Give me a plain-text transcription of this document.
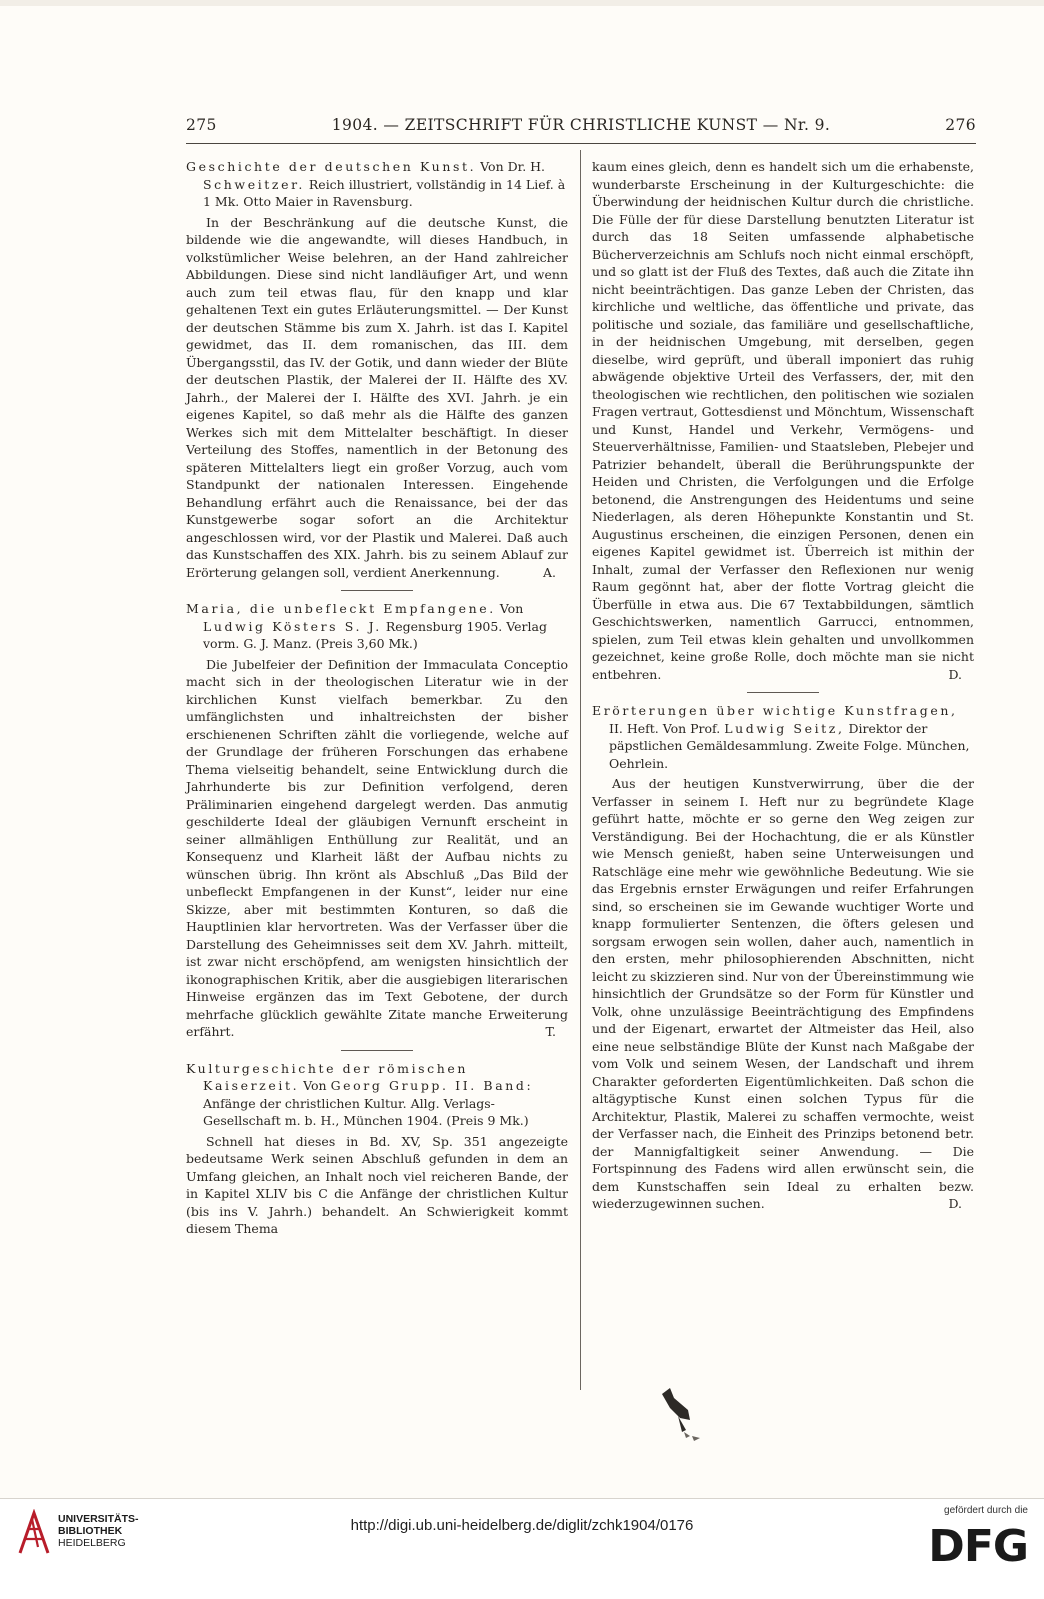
275	1904. — ZEITSCHRIFT FÜR CHRISTLICHE KUNST — Nr. 9.	276

Geschichte der deutschen Kunst. Von Dr. H. Schweitzer. Reich illustriert, vollständig in 14 Lief. à 1 Mk. Otto Maier in Ravensburg.

In der Beschränkung auf die deutsche Kunst, die bildende wie die angewandte, will dieses Handbuch, in volkstümlicher Weise belehren, an der Hand zahlreicher Abbildungen. Diese sind nicht landläufiger Art, und wenn auch zum teil etwas flau, für den knapp und klar gehaltenen Text ein gutes Erläuterungsmittel. — Der Kunst der deutschen Stämme bis zum X. Jahrh. ist das I. Kapitel gewidmet, das II. dem romanischen, das III. dem Übergangsstil, das IV. der Gotik, und dann wieder der Blüte der deutschen Plastik, der Malerei der II. Hälfte des XV. Jahrh., der Malerei der I. Hälfte des XVI. Jahrh. je ein eigenes Kapitel, so daß mehr als die Hälfte des ganzen Werkes sich mit dem Mittelalter beschäftigt. In dieser Verteilung des Stoffes, namentlich in der Betonung des späteren Mittelalters liegt ein großer Vorzug, auch vom Standpunkt der nationalen Interessen. Eingehende Behandlung erfährt auch die Renaissance, bei der das Kunstgewerbe sogar sofort an die Architektur angeschlossen wird, vor der Plastik und Malerei. Daß auch das Kunstschaffen des XIX. Jahrh. bis zu seinem Ablauf zur Erörterung gelangen soll, verdient Anerkennung.	A.

Maria, die unbefleckt Empfangene. Von Ludwig Kösters S. J. Regensburg 1905. Verlag vorm. G. J. Manz. (Preis 3,60 Mk.)

Die Jubelfeier der Definition der Immaculata Conceptio macht sich in der theologischen Literatur wie in der kirchlichen Kunst vielfach bemerkbar. Zu den umfänglichsten und inhaltreichsten der bisher erschienenen Schriften zählt die vorliegende, welche auf der Grundlage der früheren Forschungen das erhabene Thema vielseitig behandelt, seine Entwicklung durch die Jahrhunderte bis zur Definition verfolgend, deren Präliminarien eingehend dargelegt werden. Das anmutig geschilderte Ideal der gläubigen Vernunft erscheint in seiner allmähligen Enthüllung zur Realität, und an Konsequenz und Klarheit läßt der Aufbau nichts zu wünschen übrig. Ihn krönt als Abschluß „Das Bild der unbefleckt Empfangenen in der Kunst“, leider nur eine Skizze, aber mit bestimmten Konturen, so daß die Hauptlinien klar hervortreten. Was der Verfasser über die Darstellung des Geheimnisses seit dem XV. Jahrh. mitteilt, ist zwar nicht erschöpfend, am wenigsten hinsichtlich der ikonographischen Kritik, aber die ausgiebigen literarischen Hinweise ergänzen das im Text Gebotene, der durch mehrfache glücklich gewählte Zitate manche Erweiterung erfährt.	T.

Kulturgeschichte der römischen Kaiserzeit. Von Georg Grupp. II. Band: Anfänge der christlichen Kultur. Allg. Verlags-Gesellschaft m. b. H., München 1904. (Preis 9 Mk.)

Schnell hat dieses in Bd. XV, Sp. 351 angezeigte bedeutsame Werk seinen Abschluß gefunden in dem an Umfang gleichen, an Inhalt noch viel reicheren Bande, der in Kapitel XLIV bis C die Anfänge der christlichen Kultur (bis ins V. Jahrh.) behandelt. An Schwierigkeit kommt diesem Thema

kaum eines gleich, denn es handelt sich um die erhabenste, wunderbarste Erscheinung in der Kulturgeschichte: die Überwindung der heidnischen Kultur durch die christliche. Die Fülle der für diese Darstellung benutzten Literatur ist durch das 18 Seiten umfassende alphabetische Bücherverzeichnis am Schlufs noch nicht einmal erschöpft, und so glatt ist der Fluß des Textes, daß auch die Zitate ihn nicht beeinträchtigen. Das ganze Leben der Christen, das kirchliche und weltliche, das öffentliche und private, das politische und soziale, das familiäre und gesellschaftliche, in der heidnischen Umgebung, mit derselben, gegen dieselbe, wird geprüft, und überall imponiert das ruhig abwägende objektive Urteil des Verfassers, der, mit den theologischen wie rechtlichen, den politischen wie sozialen Fragen vertraut, Gottesdienst und Mönchtum, Wissenschaft und Kunst, Handel und Verkehr, Vermögens- und Steuerverhältnisse, Familien- und Staatsleben, Plebejer und Patrizier behandelt, überall die Berührungspunkte der Heiden und Christen, die Verfolgungen und die Erfolge betonend, die Anstrengungen des Heidentums und seine Niederlagen, als deren Höhepunkte Konstantin und St. Augustinus erscheinen, die einzigen Personen, denen ein eigenes Kapitel gewidmet ist. Überreich ist mithin der Inhalt, zumal der Verfasser den Reflexionen nur wenig Raum gegönnt hat, aber der flotte Vortrag gleicht die Überfülle in etwa aus. Die 67 Textabbildungen, sämtlich Geschichtswerken, namentlich Garrucci, entnommen, spielen, zum Teil etwas klein gehalten und unvollkommen gezeichnet, keine große Rolle, doch möchte man sie nicht entbehren.	D.

Erörterungen über wichtige Kunstfragen, II. Heft. Von Prof. Ludwig Seitz, Direktor der päpstlichen Gemäldesammlung. Zweite Folge. München, Oehrlein.

Aus der heutigen Kunstverwirrung, über die der Verfasser in seinem I. Heft nur zu begründete Klage geführt hatte, möchte er so gerne den Weg zeigen zur Verständigung. Bei der Hochachtung, die er als Künstler wie Mensch genießt, haben seine Unterweisungen und Ratschläge eine mehr wie gewöhnliche Bedeutung. Wie sie das Ergebnis ernster Erwägungen und reifer Erfahrungen sind, so erscheinen sie im Gewande wuchtiger Worte und knapp formulierter Sentenzen, die öfters gelesen und sorgsam erwogen sein wollen, daher auch, namentlich in den ersten, mehr philosophierenden Abschnitten, nicht leicht zu skizzieren sind. Nur von der Übereinstimmung wie hinsichtlich der Grundsätze so der Form für Künstler und Volk, ohne unzulässige Beeinträchtigung des Empfindens und der Eigenart, erwartet der Altmeister das Heil, also eine neue selbständige Blüte der Kunst nach Maßgabe der vom Volk und seinem Wesen, der Landschaft und ihrem Charakter geforderten Eigentümlichkeiten. Daß schon die altägyptische Kunst einen solchen Typus für die Architektur, Plastik, Malerei zu schaffen vermochte, weist der Verfasser nach, die Einheit des Prinzips betonend betr. der Mannigfaltigkeit seiner Anwendung. — Die Fortspinnung des Fadens wird allen erwünscht sein, die dem Kunstschaffen sein Ideal zu erhalten bezw. wiederzugewinnen suchen.	D.

UNIVERSITÄTS-
BIBLIOTHEK
HEIDELBERG
http://digi.ub.uni-heidelberg.de/diglit/zchk1904/0176
gefördert durch die
DFG
